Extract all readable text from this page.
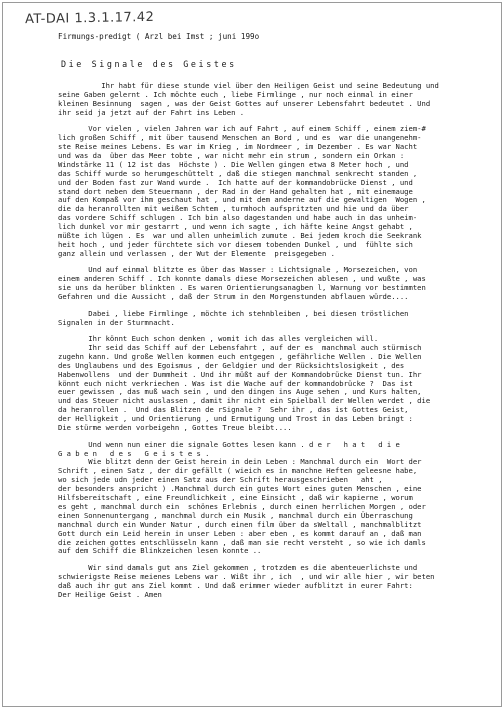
AT-DAI 1.3.1.17.42
Firmungs-predigt ( Arzl bei Imst ; juni 199o
Die Signale des Geistes
Ihr habt für diese stunde viel über den Heiligen Geist und seine Bedeutung und
seine Gaben gelernt . Ich möchte euch , liebe Firmlinge , nur noch einmal in einer
kleinen Besinnung  sagen , was der Geist Gottes auf unserer Lebensfahrt bedeutet . Und
ihr seid ja jetzt auf der Fahrt ins Leben .
Vor vielen , vielen Jahren war ich auf Fahrt , auf einem Schiff , einem ziem-#
lich großen Schiff , mit über tausend Menschen an Bord , und es  war die unangenehm-
ste Reise meines Lebens. Es war im Krieg , im Nordmeer , im Dezember . Es war Nacht
und was da  über das Meer tobte , war nicht mehr ein strum , sondern ein Orkan :
Windstärke 11 ( 12 ist das  Höchste ) . Die Wellen gingen etwa 8 Meter hoch , und
das Schiff wurde so herumgeschüttelt , daß die stiegen manchmal senkrecht standen ,
und der Boden fast zur Wand wurde .  Ich hatte auf der kommandobrücke Dienst , und
stand dort neben dem Steuermann , der Rad in der Hand gehalten hat , mit einemauge
auf den Kompaß vor ihm geschaut hat , und mit dem anderne auf die gewaltigen  Wogen ,
die da heranrollten mit weißem Schtem , turmhoch aufspritzten und hie und da über
das vordere Schiff schlugen . Ich bin also dagestanden und habe auch in das unheim-
lich dunkel vor mir gestarrt , und wenn ich sagte , ich häfte keine Angst gehabt ,
müßte ich lügen . Es  war und allen unheimlich zumute . Bei jedem kroch die Seekrank
heit hoch , und jeder fürchtete sich vor diesem tobenden Dunkel , und  fühlte sich
ganz allein und verlassen , der Wut der Elemente  preisgegeben .
Und auf einmal blitzte es über das Wasser : Lichtsignale , Morsezeichen, von
einem anderen Schiff . Ich konnte damals diese Morsezeichen ablesen , und wußte , was
sie uns da herüber blinkten . Es waren Orientierungsanagben l, Warnung vor bestimmten
Gefahren und die Aussicht , daß der Strum in den Morgenstunden abflauen würde....
Dabei , liebe Firmlinge , möchte ich stehnbleiben , bei diesen tröstlichen
Signalen in der Sturmnacht.
Ihr könnt Euch schon denken , womit ich das alles vergleichen will.
Ihr seid das Schiff auf der Lebensfahrt , auf der es  manchmal auch stürmisch
zugehn kann. Und große Wellen kommen euch entgegen , gefährliche Wellen . Die Wellen
des Unglaubens und des Egoismus , der Geldgier und der Rücksichtslosigkeit , des
Habenwollens  und der Dummheit . Und ihr müßt auf der Kommandobrücke Dienst tun. Ihr
könnt euch nicht verkriechen . Was ist die Wache auf der kommandobrücke ?  Das ist
euer gewissen , das muß wach sein , und den dingen ins Auge sehen , und Kurs halten,
und das Steuer nicht auslassen , damit ihr nicht ein Spielball der Wellen werdet , die
da heranrollen .  Und das Blitzen de rSignale ?  Sehr ihr , das ist Gottes Geist,
der Helligkeit , und Orientierung , und Ermutigung und Trost in das Leben bringt :
Die stürme werden vorbeigehn , Gottes Treue bleibt....
Und wenn nun einer die signale Gottes lesen kann . d e r   h a t   d i e
G a b e n   d e s   G e i s t e s .
Wie blitzt denn der Geist herein in dein Leben : Manchmal durch ein  Wort der
Schrift , einen Satz , der dir gefällt ( wieich es in manchne Heften geleesne habe,
wo sich jede udn jeder einen Satz aus der Schrift herausgeschrieben   aht ,
der besonders anspricht ) .Manchmal durch ein gutes Wort eines guten Menschen , eine
Hilfsbereitschaft , eine Freundlichkeit , eine Einsicht , daß wir kapierne , worum
es geht , manchmal durch ein  schönes Erlebnis , durch einen herrlichen Morgen , oder
einen Sonnenuntergang , manchmal durch ein Musik , manchmal durch ein Überraschung
manchmal durch ein Wunder Natur , durch einen film über da sWeltall , manchmalblitzt
Gott durch ein Leid herein in unser Leben : aber eben , es kommt darauf an , daß man
die zeichen gottes entschlüsseln kann , daß man sie recht versteht , so wie ich damls
auf dem Schiff die Blinkzeichen lesen konnte ..
Wir sind damals gut ans Ziel gekommen , trotzdem es die abenteuerlichste und
schwierigste Reise meienes Lebens war . Wißt ihr , ich  , und wir alle hier , wir beten
daß auch ihr gut ans Ziel kommt . Und daß erimmer wieder aufblitzt in eurer Fahrt:
Der Heilige Geist . Amen
